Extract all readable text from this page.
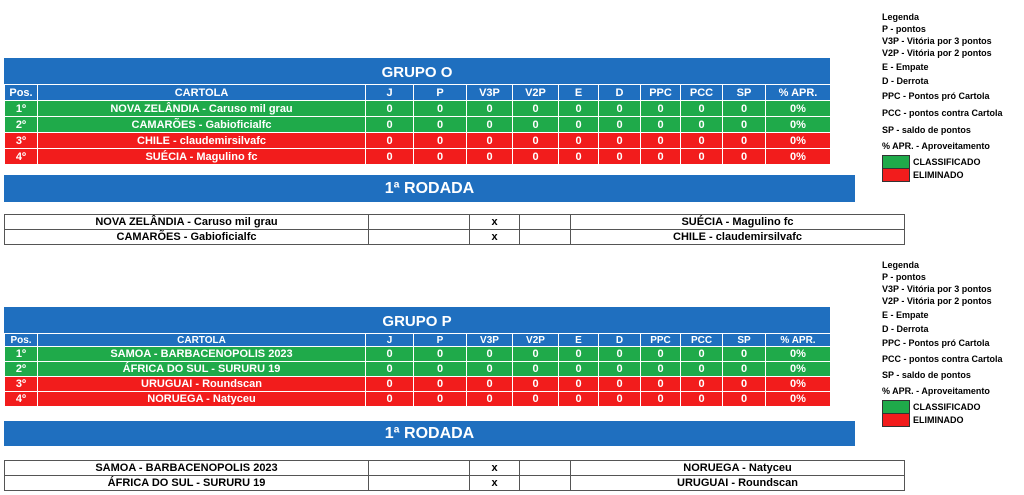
GRUPO O
Pos.	CARTOLA	J	P	V3P	V2P	E	D	PPC	PCC	SP	% APR.
1º	NOVA ZELÂNDIA - Caruso mil grau	0	0	0	0	0	0	0	0	0	0%
2º	CAMARÕES - Gabioficialfc	0	0	0	0	0	0	0	0	0	0%
3º	CHILE - claudemirsilvafc	0	0	0	0	0	0	0	0	0	0%
4º	SUÉCIA - Magulino fc	0	0	0	0	0	0	0	0	0	0%
1ª RODADA
NOVA ZELÂNDIA - Caruso mil grau		x		SUÉCIA - Magulino fc
CAMARÕES - Gabioficialfc		x		CHILE - claudemirsilvafc
GRUPO P
Pos.	CARTOLA	J	P	V3P	V2P	E	D	PPC	PCC	SP	% APR.
1º	SAMOA - BARBACENOPOLIS 2023	0	0	0	0	0	0	0	0	0	0%
2º	ÁFRICA DO SUL - SURURU 19	0	0	0	0	0	0	0	0	0	0%
3º	URUGUAI - Roundscan	0	0	0	0	0	0	0	0	0	0%
4º	NORUEGA - Natyceu	0	0	0	0	0	0	0	0	0	0%
1ª RODADA
SAMOA - BARBACENOPOLIS 2023		x		NORUEGA - Natyceu
ÁFRICA DO SUL - SURURU 19		x		URUGUAI - Roundscan
Legenda
P - pontos
V3P - Vitória por 3 pontos
V2P - Vitória por 2 pontos
E - Empate
D - Derrota
PPC - Pontos pró Cartola
PCC - pontos contra Cartola
SP - saldo de pontos
% APR. - Aproveitamento
CLASSIFICADO
ELIMINADO
Legenda
P - pontos
V3P - Vitória por 3 pontos
V2P - Vitória por 2 pontos
E - Empate
D - Derrota
PPC - Pontos pró Cartola
PCC - pontos contra Cartola
SP - saldo de pontos
% APR. - Aproveitamento
CLASSIFICADO
ELIMINADO
